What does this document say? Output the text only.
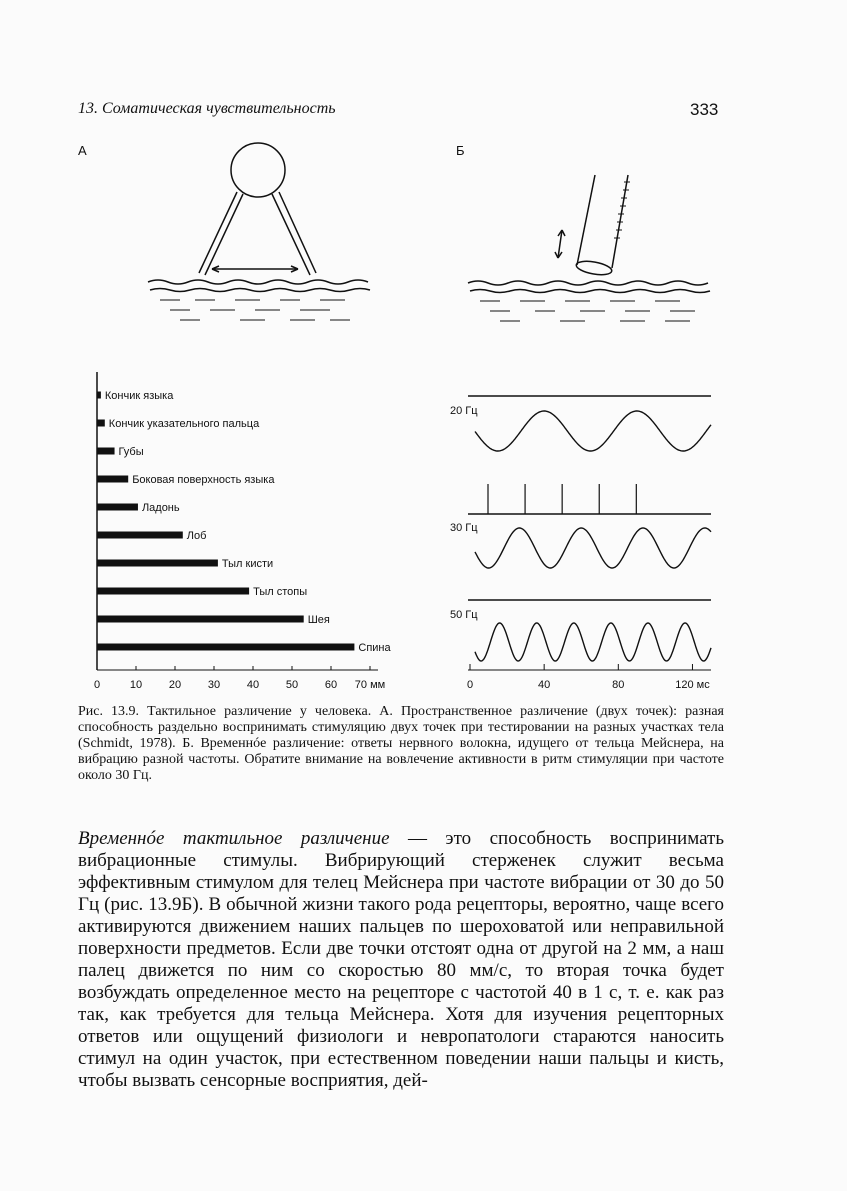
13. Соматическая чувствительность	333
А	Б
Кончик языка
Кончик указательного пальца
Губы
Боковая поверхность языка
Ладонь
Лоб
Тыл кисти
Тыл стопы
Шея
Спина
0	10 20 30 40 50 60 70 мм
20 Гц
30 Гц
50 Гц
0	40	80	120 мс
Рис. 13.9. Тактильное различение у человека. А. Пространственное различение (двух точек): разная способность раздельно воспринимать стимуляцию двух точек при тестировании на разных участках тела (Schmidt, 1978). Б. Временнóе различение: ответы нервного волокна, идущего от тельца Мейснера, на вибрацию разной частоты. Обратите внимание на вовлечение активности в ритм стимуляции при частоте около 30 Гц.
Временнóе тактильное различение — это способность воспринимать вибрационные стимулы. Вибрирующий стерженек служит весьма эффективным стимулом для телец Мейснера при частоте вибрации от 30 до 50 Гц (рис. 13.9Б). В обычной жизни такого рода рецепторы, вероятно, чаще всего активируются движением наших пальцев по шероховатой или неправильной поверхности предметов. Если две точки отстоят одна от другой на 2 мм, а наш палец движется по ним со скоростью 80 мм/с, то вторая точка будет возбуждать определенное место на рецепторе с частотой 40 в 1 с, т. е. как раз так, как требуется для тельца Мейснера. Хотя для изучения рецепторных ответов или ощущений физиологи и невропатологи стараются наносить стимул на один участок, при естественном поведении наши пальцы и кисть, чтобы вызвать сенсорные восприятия, дей-
